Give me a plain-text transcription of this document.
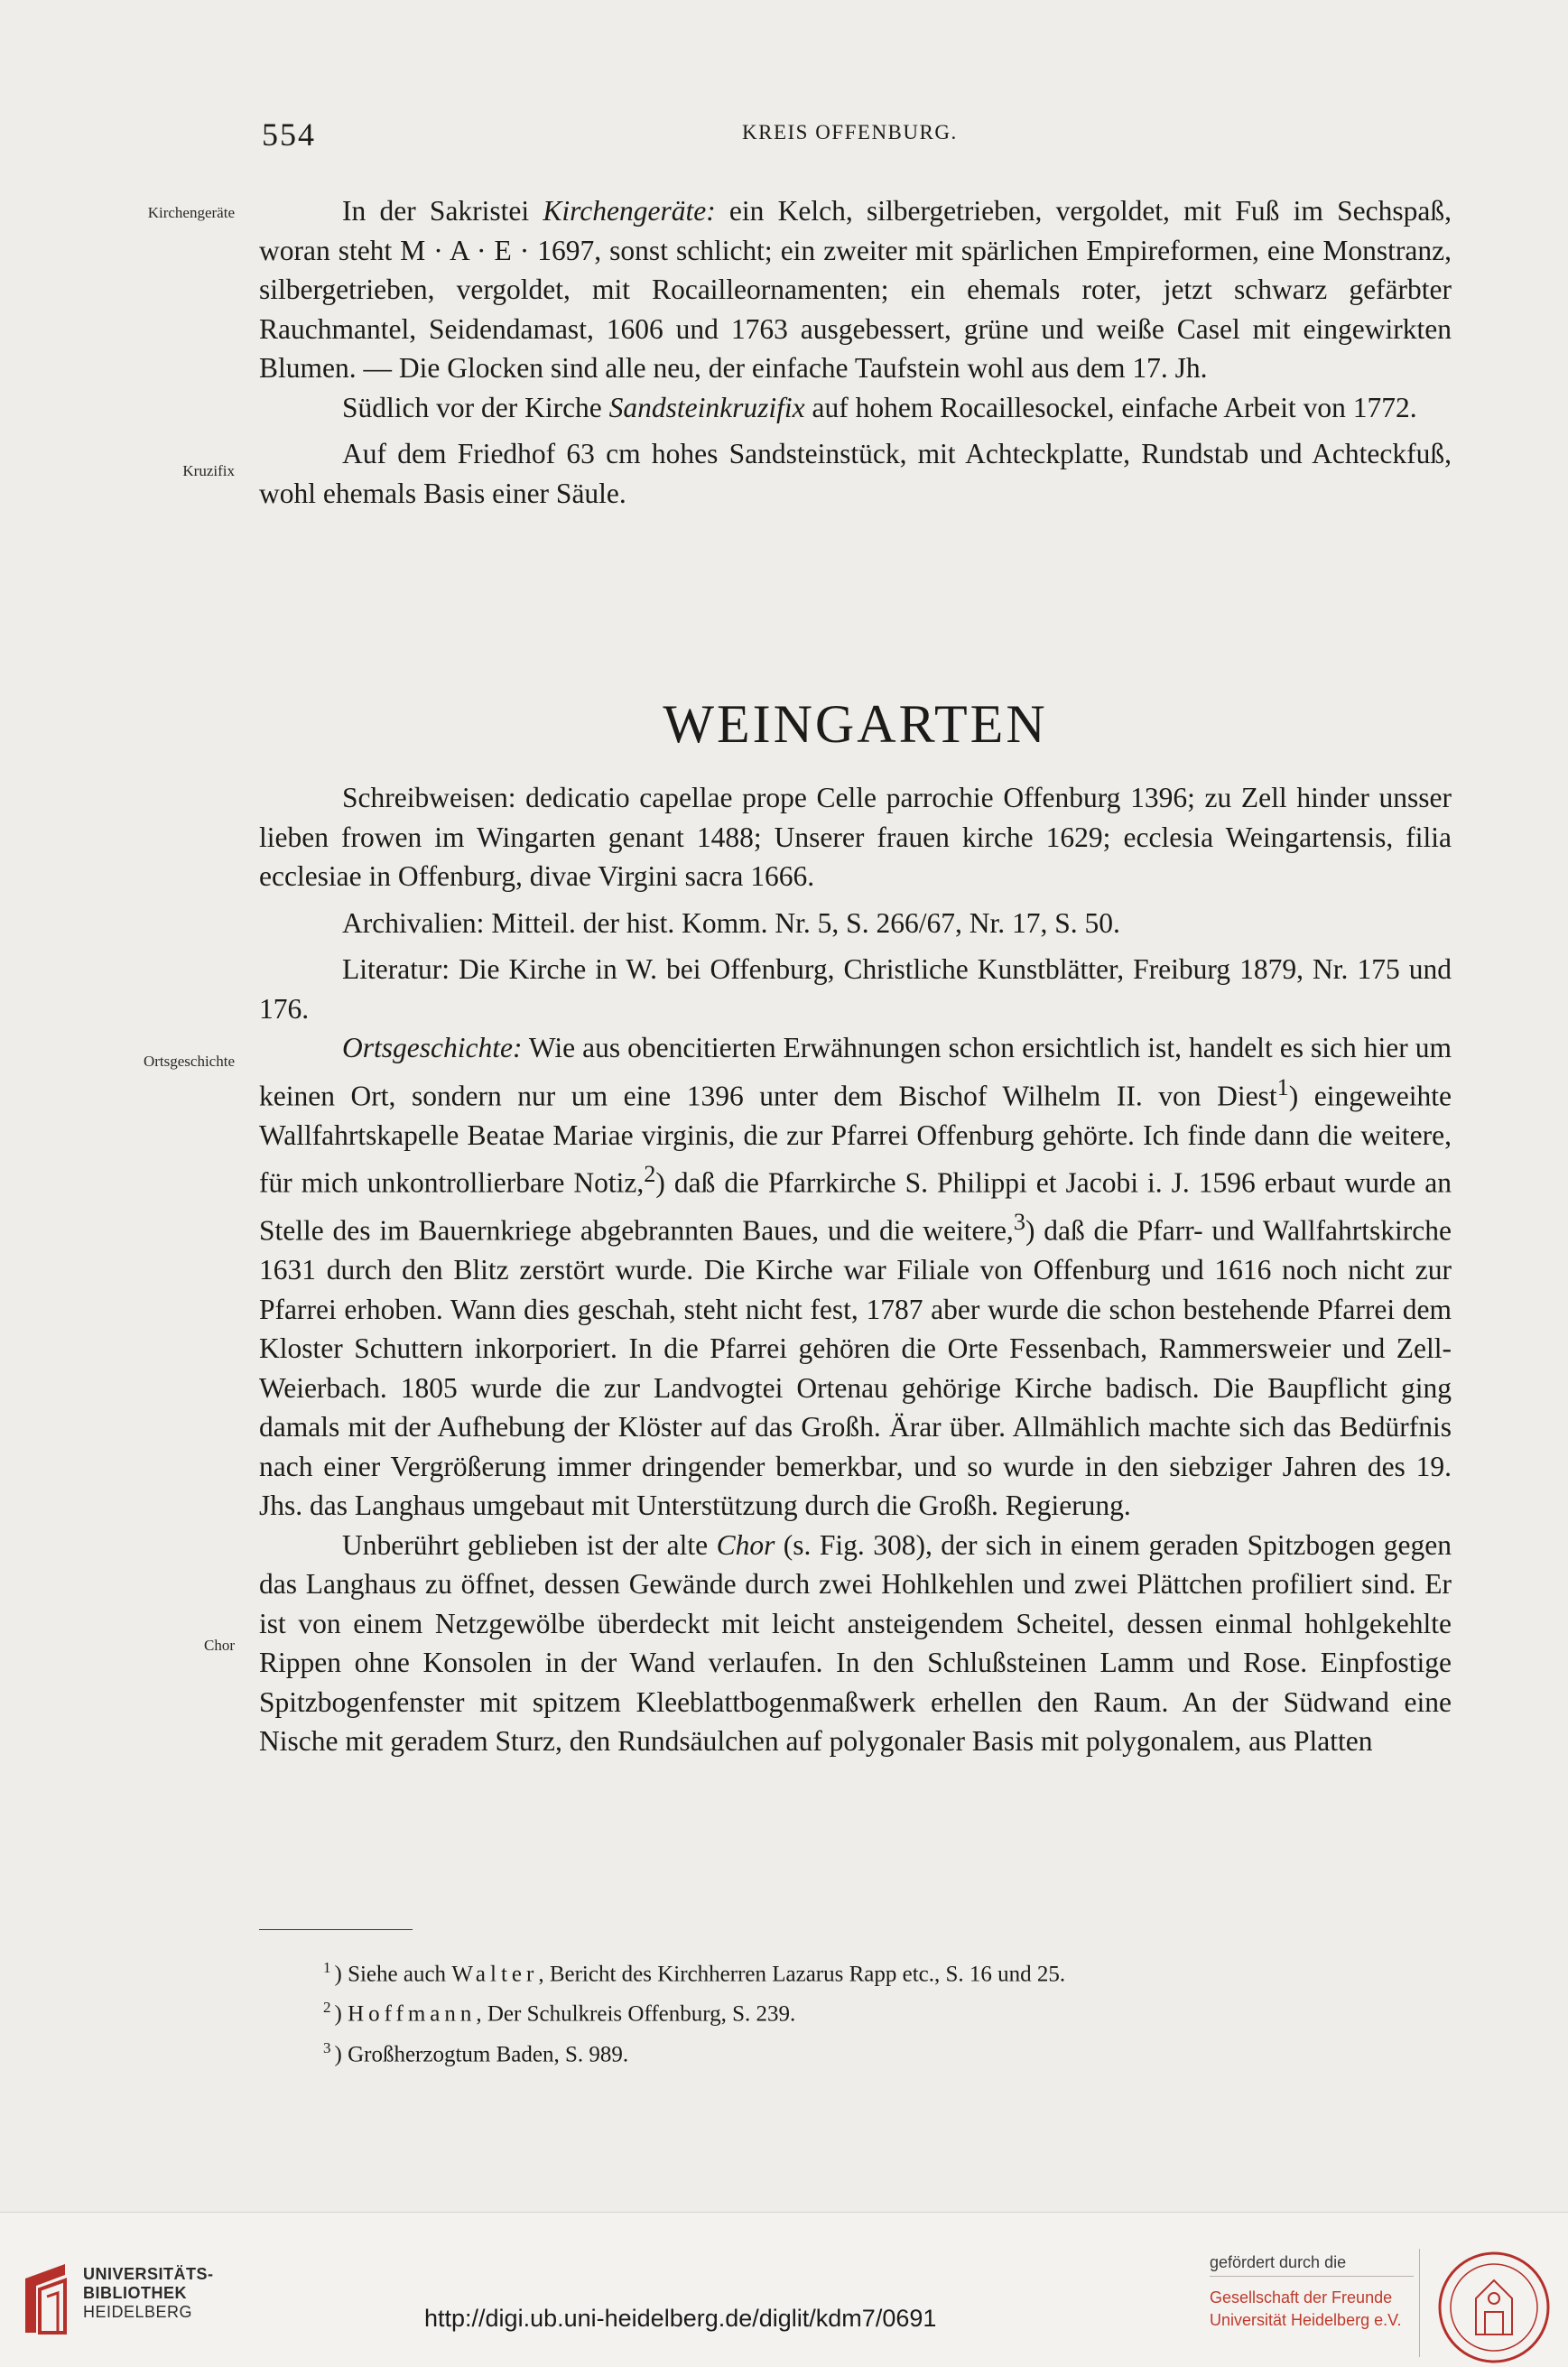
554	KREIS OFFENBURG.
Kirchengeräte
Kruzifix
Ortsgeschichte
Chor

In der Sakristei Kirchengeräte: ein Kelch, silbergetrieben, vergoldet, mit Fuß im Sechspaß, woran steht M · A · E · 1697, sonst schlicht; ein zweiter mit spärlichen Empireformen, eine Monstranz, silbergetrieben, vergoldet, mit Rocailleornamenten; ein ehemals roter, jetzt schwarz gefärbter Rauchmantel, Seidendamast, 1606 und 1763 ausgebessert, grüne und weiße Casel mit eingewirkten Blumen. — Die Glocken sind alle neu, der einfache Taufstein wohl aus dem 17. Jh.

Südlich vor der Kirche Sandsteinkruzifix auf hohem Rocaillesockel, einfache Arbeit von 1772.

Auf dem Friedhof 63 cm hohes Sandsteinstück, mit Achteckplatte, Rundstab und Achteckfuß, wohl ehemals Basis einer Säule.

WEINGARTEN

Schreibweisen: dedicatio capellae prope Celle parrochie Offenburg 1396; zu Zell hinder unsser lieben frowen im Wingarten genant 1488; Unserer frauen kirche 1629; ecclesia Weingartensis, filia ecclesiae in Offenburg, divae Virgini sacra 1666.

Archivalien: Mitteil. der hist. Komm. Nr. 5, S. 266/67, Nr. 17, S. 50.

Literatur: Die Kirche in W. bei Offenburg, Christliche Kunstblätter, Freiburg 1879, Nr. 175 und 176.

Ortsgeschichte: Wie aus obencitierten Erwähnungen schon ersichtlich ist, handelt es sich hier um keinen Ort, sondern nur um eine 1396 unter dem Bischof Wilhelm II. von Diest$^1$) eingeweihte Wallfahrtskapelle Beatae Mariae virginis, die zur Pfarrei Offenburg gehörte. Ich finde dann die weitere, für mich unkontrollierbare Notiz,$^2$) daß die Pfarrkirche S. Philippi et Jacobi i. J. 1596 erbaut wurde an Stelle des im Bauernkriege abgebrannten Baues, und die weitere,$^3$) daß die Pfarr- und Wallfahrtskirche 1631 durch den Blitz zerstört wurde. Die Kirche war Filiale von Offenburg und 1616 noch nicht zur Pfarrei erhoben. Wann dies geschah, steht nicht fest, 1787 aber wurde die schon bestehende Pfarrei dem Kloster Schuttern inkorporiert. In die Pfarrei gehören die Orte Fessenbach, Rammersweier und Zell-Weierbach. 1805 wurde die zur Landvogtei Ortenau gehörige Kirche badisch. Die Baupflicht ging damals mit der Aufhebung der Klöster auf das Großh. Ärar über. Allmählich machte sich das Bedürfnis nach einer Vergrößerung immer dringender bemerkbar, und so wurde in den siebziger Jahren des 19. Jhs. das Langhaus umgebaut mit Unterstützung durch die Großh. Regierung.

Unberührt geblieben ist der alte Chor (s. Fig. 308), der sich in einem geraden Spitzbogen gegen das Langhaus zu öffnet, dessen Gewände durch zwei Hohlkehlen und zwei Plättchen profiliert sind. Er ist von einem Netzgewölbe überdeckt mit leicht ansteigendem Scheitel, dessen einmal hohlgekehlte Rippen ohne Konsolen in der Wand verlaufen. In den Schlußsteinen Lamm und Rose. Einpfostige Spitzbogenfenster mit spitzem Kleeblattbogenmaßwerk erhellen den Raum. An der Südwand eine Nische mit geradem Sturz, den Rundsäulchen auf polygonaler Basis mit polygonalem, aus Platten

$^1$ ) Siehe auch Walter, Bericht des Kirchherren Lazarus Rapp etc., S. 16 und 25.
$^2$ ) Hoffmann, Der Schulkreis Offenburg, S. 239.
$^3$ ) Großherzogtum Baden, S. 989.
UNIVERSITÄTS-
BIBLIOTHEK
HEIDELBERG	http://digi.ub.uni-heidelberg.de/diglit/kdm7/0691
gefördert durch die
Gesellschaft der Freunde
Universität Heidelberg e.V.
